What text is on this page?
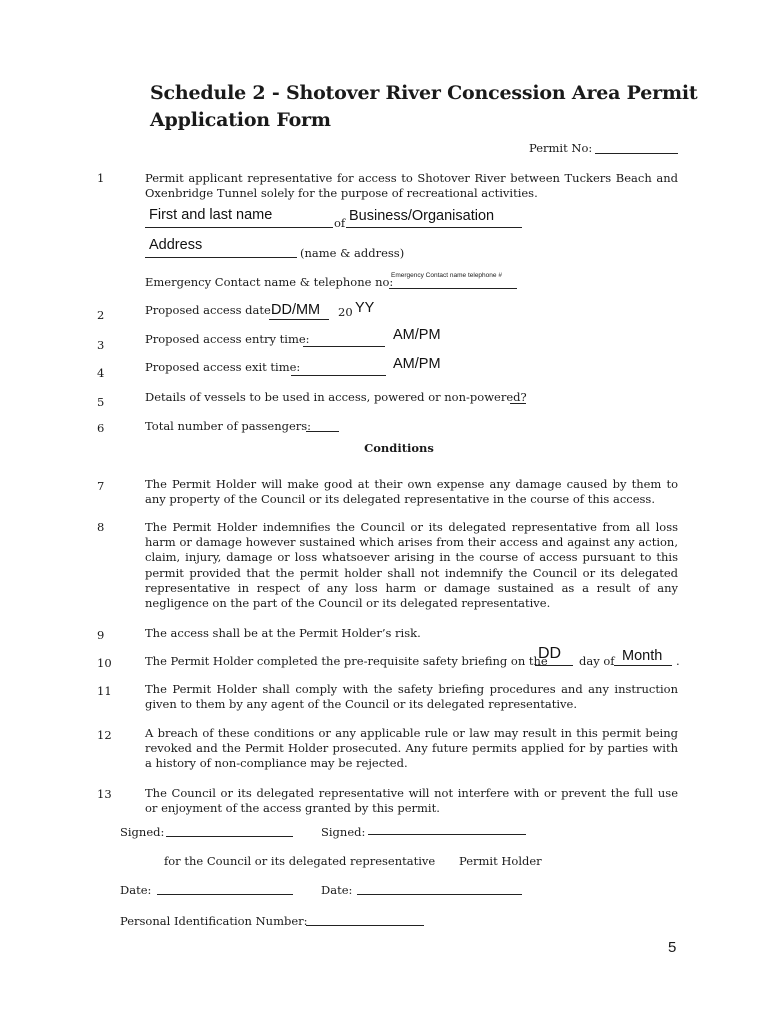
Schedule 2 - Shotover River Concession Area Permit
Application Form
Permit No:
1	Permit applicant representative for access to Shotover River between Tuckers Beach and Oxenbridge Tunnel solely for the purpose of recreational activities.
First and last name	of Business/Organisation
Address	(name & address)
Emergency Contact name & telephone no:
Emergency Contact name telephone #
2	Proposed access date:
DD/MM 20 YY
3	Proposed access entry time:	AM/PM
4	Proposed access exit time:	AM/PM
5	Details of vessels to be used in access, powered or non-powered?
6	Total number of passengers:
Conditions
7	The Permit Holder will make good at their own expense any damage caused by them to any property of the Council or its delegated representative in the course of this access.
8	The Permit Holder indemnifies the Council or its delegated representative from all loss harm or damage however sustained which arises from their access and against any action, claim, injury, damage or loss whatsoever arising in the course of access pursuant to this permit provided that the permit holder shall not indemnify the Council or its delegated representative in respect of any loss harm or damage sustained as a result of any negligence on the part of the Council or its delegated representative.
9	The access shall be at the Permit Holder’s risk.
10	The Permit Holder completed the pre-requisite safety briefing on the
DD day of Month .
11	The Permit Holder shall comply with the safety briefing procedures and any instruction given to them by any agent of the Council or its delegated representative.
12	A breach of these conditions or any applicable rule or law may result in this permit being revoked and the Permit Holder prosecuted. Any future permits applied for by parties with a history of non-compliance may be rejected.
13	The Council or its delegated representative will not interfere with or prevent the full use or enjoyment of the access granted by this permit.
Signed:	Signed:
for the Council or its delegated representative Permit Holder
Date:	Date:
Personal Identification Number:
5
